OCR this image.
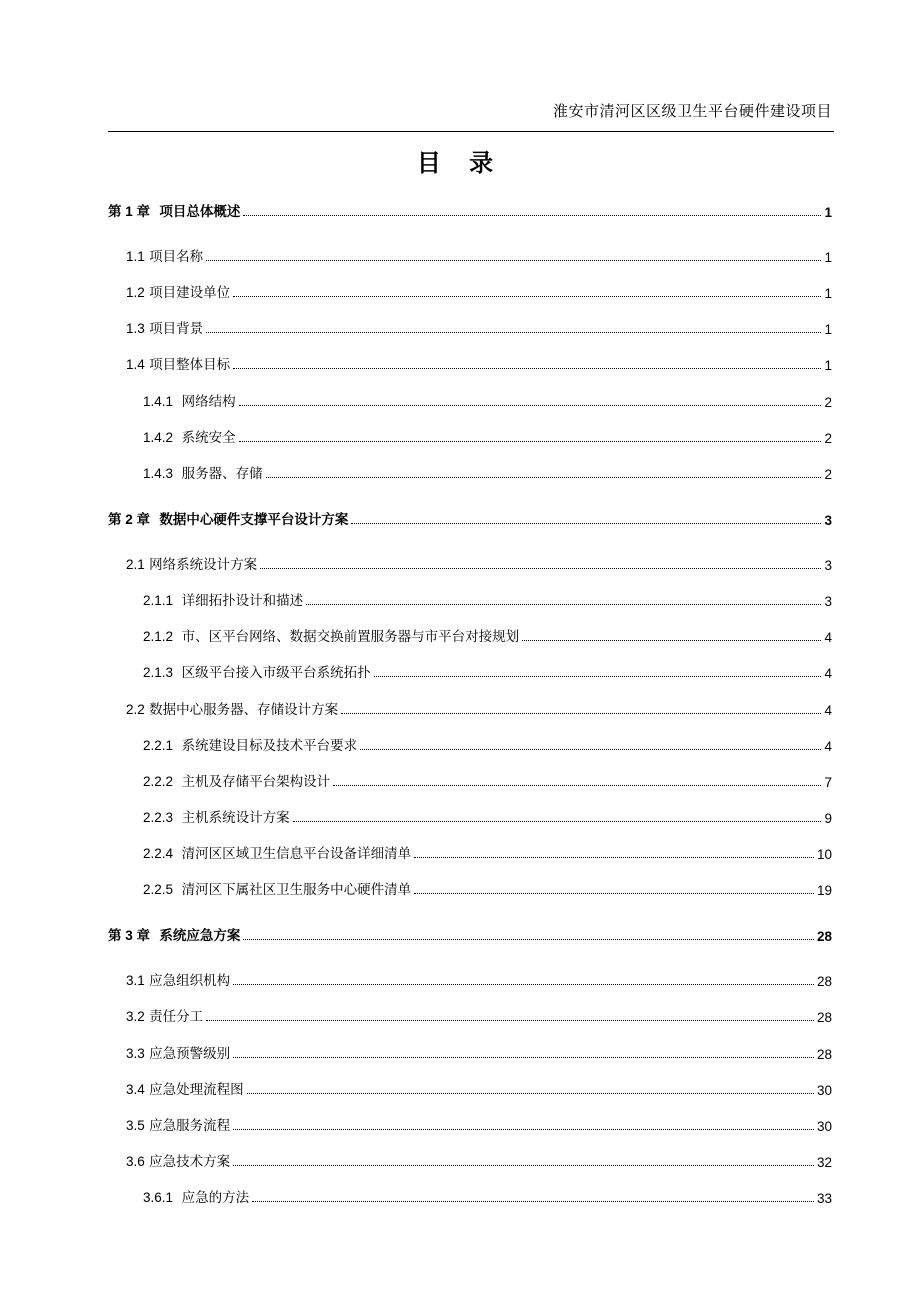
淮安市清河区区级卫生平台硬件建设项目
目 录
第 1 章 项目总体概述	1
1.1 项目名称	1
1.2 项目建设单位	1
1.3 项目背景	1
1.4 项目整体目标	1
1.4.1 网络结构	2
1.4.2 系统安全	2
1.4.3 服务器、存储	2
第 2 章 数据中心硬件支撑平台设计方案	3
2.1 网络系统设计方案	3
2.1.1 详细拓扑设计和描述	3
2.1.2 市、区平台网络、数据交换前置服务器与市平台对接规划	4
2.1.3 区级平台接入市级平台系统拓扑	4
2.2 数据中心服务器、存储设计方案	4
2.2.1 系统建设目标及技术平台要求	4
2.2.2 主机及存储平台架构设计	7
2.2.3 主机系统设计方案	9
2.2.4 清河区区域卫生信息平台设备详细清单	10
2.2.5 清河区下属社区卫生服务中心硬件清单	19
第 3 章 系统应急方案	28
3.1 应急组织机构	28
3.2 责任分工	28
3.3 应急预警级别	28
3.4 应急处理流程图	30
3.5 应急服务流程	30
3.6 应急技术方案	32
3.6.1 应急的方法	33
